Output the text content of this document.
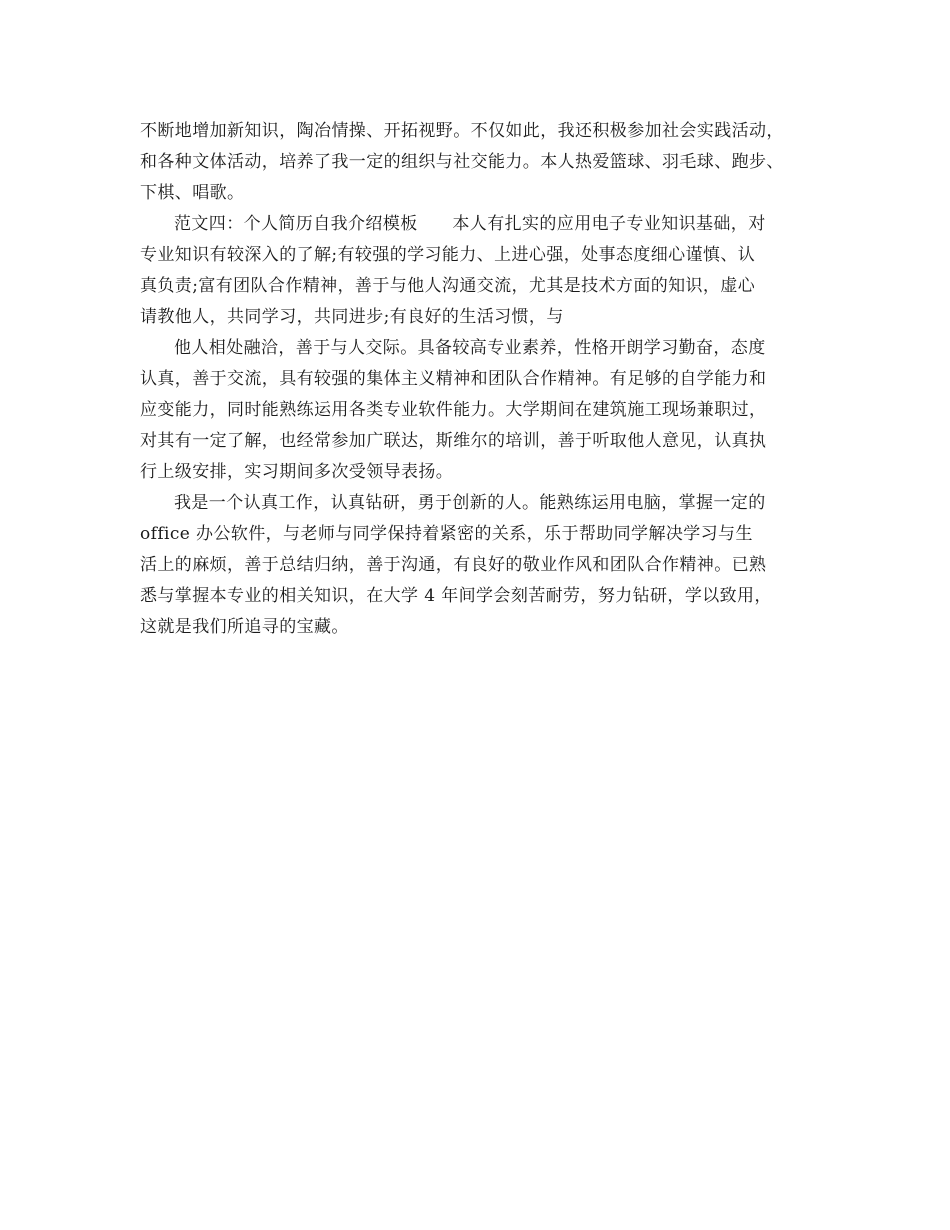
不断地增加新知识，陶冶情操、开拓视野。不仅如此，我还积极参加社会实践活动，
和各种文体活动，培养了我一定的组织与社交能力。本人热爱篮球、羽毛球、跑步、
下棋、唱歌。
范文四：个人简历自我介绍模板　　本人有扎实的应用电子专业知识基础，对
专业知识有较深入的了解;有较强的学习能力、上进心强，处事态度细心谨慎、认
真负责;富有团队合作精神，善于与他人沟通交流，尤其是技术方面的知识，虚心
请教他人，共同学习，共同进步;有良好的生活习惯，与
他人相处融洽，善于与人交际。具备较高专业素养，性格开朗学习勤奋，态度
认真，善于交流，具有较强的集体主义精神和团队合作精神。有足够的自学能力和
应变能力，同时能熟练运用各类专业软件能力。大学期间在建筑施工现场兼职过，
对其有一定了解，也经常参加广联达，斯维尔的培训，善于听取他人意见，认真执
行上级安排，实习期间多次受领导表扬。
我是一个认真工作，认真钻研，勇于创新的人。能熟练运用电脑，掌握一定的
office 办公软件，与老师与同学保持着紧密的关系，乐于帮助同学解决学习与生
活上的麻烦，善于总结归纳，善于沟通，有良好的敬业作风和团队合作精神。已熟
悉与掌握本专业的相关知识，在大学 4 年间学会刻苦耐劳，努力钻研，学以致用，
这就是我们所追寻的宝藏。
